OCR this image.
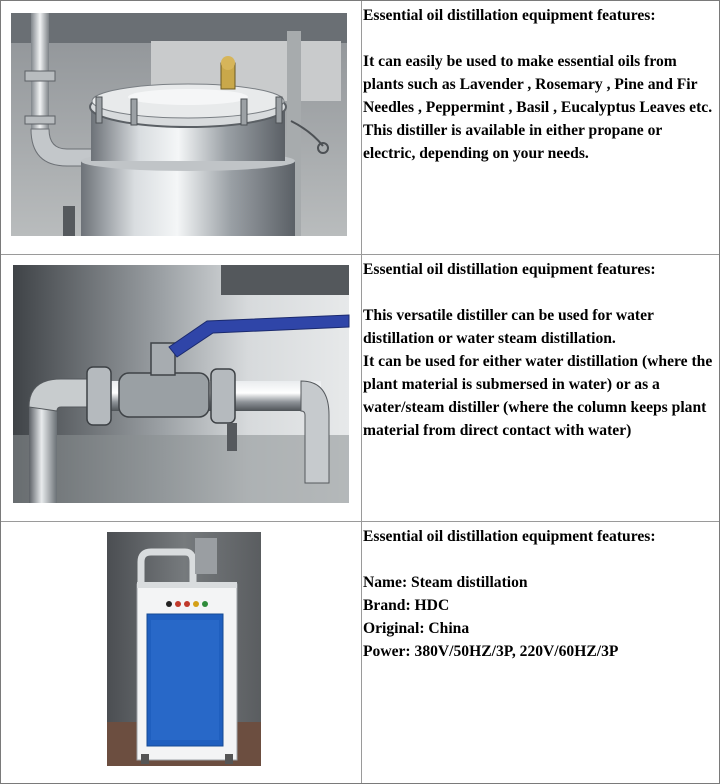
Essential oil distillation equipment features:

It can easily be used to make essential oils from plants such as Lavender , Rosemary , Pine and Fir Needles , Peppermint , Basil , Eucalyptus Leaves etc.

This distiller is available in either propane or electric, depending on your needs.

Essential oil distillation equipment features:

This versatile distiller can be used for water distillation or water steam distillation.

It can be used for either water distillation (where the plant material is submersed in water) or as a water/steam distiller (where the column keeps plant material from direct contact with water)

Essential oil distillation equipment features:

Name: Steam distillation

Brand: HDC

Original: China

Power: 380V/50HZ/3P, 220V/60HZ/3P
